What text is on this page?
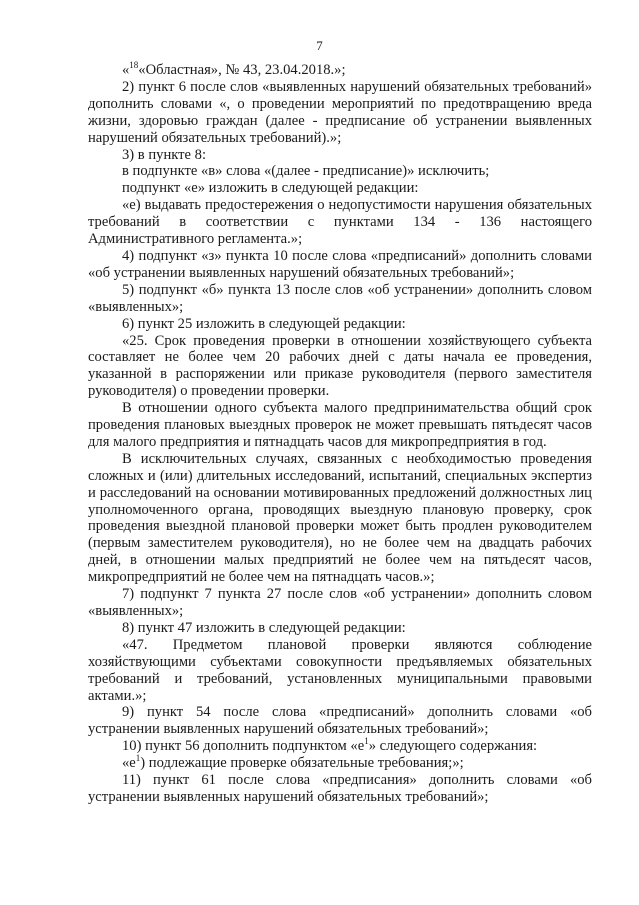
7

«$^{18}$«Областная», № 43, 23.04.2018.»;

2) пункт 6 после слов «выявленных нарушений обязательных требований» дополнить словами «, о проведении мероприятий по предотвращению вреда жизни, здоровью граждан (далее - предписание об устранении выявленных нарушений обязательных требований).»;

3) в пункте 8:

в подпункте «в» слова «(далее - предписание)» исключить;

подпункт «е» изложить в следующей редакции:

«е) выдавать предостережения о недопустимости нарушения обязательных требований в соответствии с пунктами 134 - 136 настоящего Административного регламента.»;

4) подпункт «з» пункта 10 после слова «предписаний» дополнить словами «об устранении выявленных нарушений обязательных требований»;

5) подпункт «б» пункта 13 после слов «об устранении» дополнить словом «выявленных»;

6) пункт 25 изложить в следующей редакции:

«25. Срок проведения проверки в отношении хозяйствующего субъекта составляет не более чем 20 рабочих дней с даты начала ее проведения, указанной в распоряжении или приказе руководителя (первого заместителя руководителя) о проведении проверки.

В отношении одного субъекта малого предпринимательства общий срок проведения плановых выездных проверок не может превышать пятьдесят часов для малого предприятия и пятнадцать часов для микропредприятия в год.

В исключительных случаях, связанных с необходимостью проведения сложных и (или) длительных исследований, испытаний, специальных экспертиз и расследований на основании мотивированных предложений должностных лиц уполномоченного органа, проводящих выездную плановую проверку, срок проведения выездной плановой проверки может быть продлен руководителем (первым заместителем руководителя), но не более чем на двадцать рабочих дней, в отношении малых предприятий не более чем на пятьдесят часов, микропредприятий не более чем на пятнадцать часов.»;

7) подпункт 7 пункта 27 после слов «об устранении» дополнить словом «выявленных»;

8) пункт 47 изложить в следующей редакции:

«47. Предметом плановой проверки являются соблюдение хозяйствующими субъектами совокупности предъявляемых обязательных требований и требований, установленных муниципальными правовыми актами.»;

9) пункт 54 после слова «предписаний» дополнить словами «об устранении выявленных нарушений обязательных требований»;

10) пункт 56 дополнить подпунктом «$е^1$» следующего содержания:

«$е^1$) подлежащие проверке обязательные требования;»;

11) пункт 61 после слова «предписания» дополнить словами «об устранении выявленных нарушений обязательных требований»;
